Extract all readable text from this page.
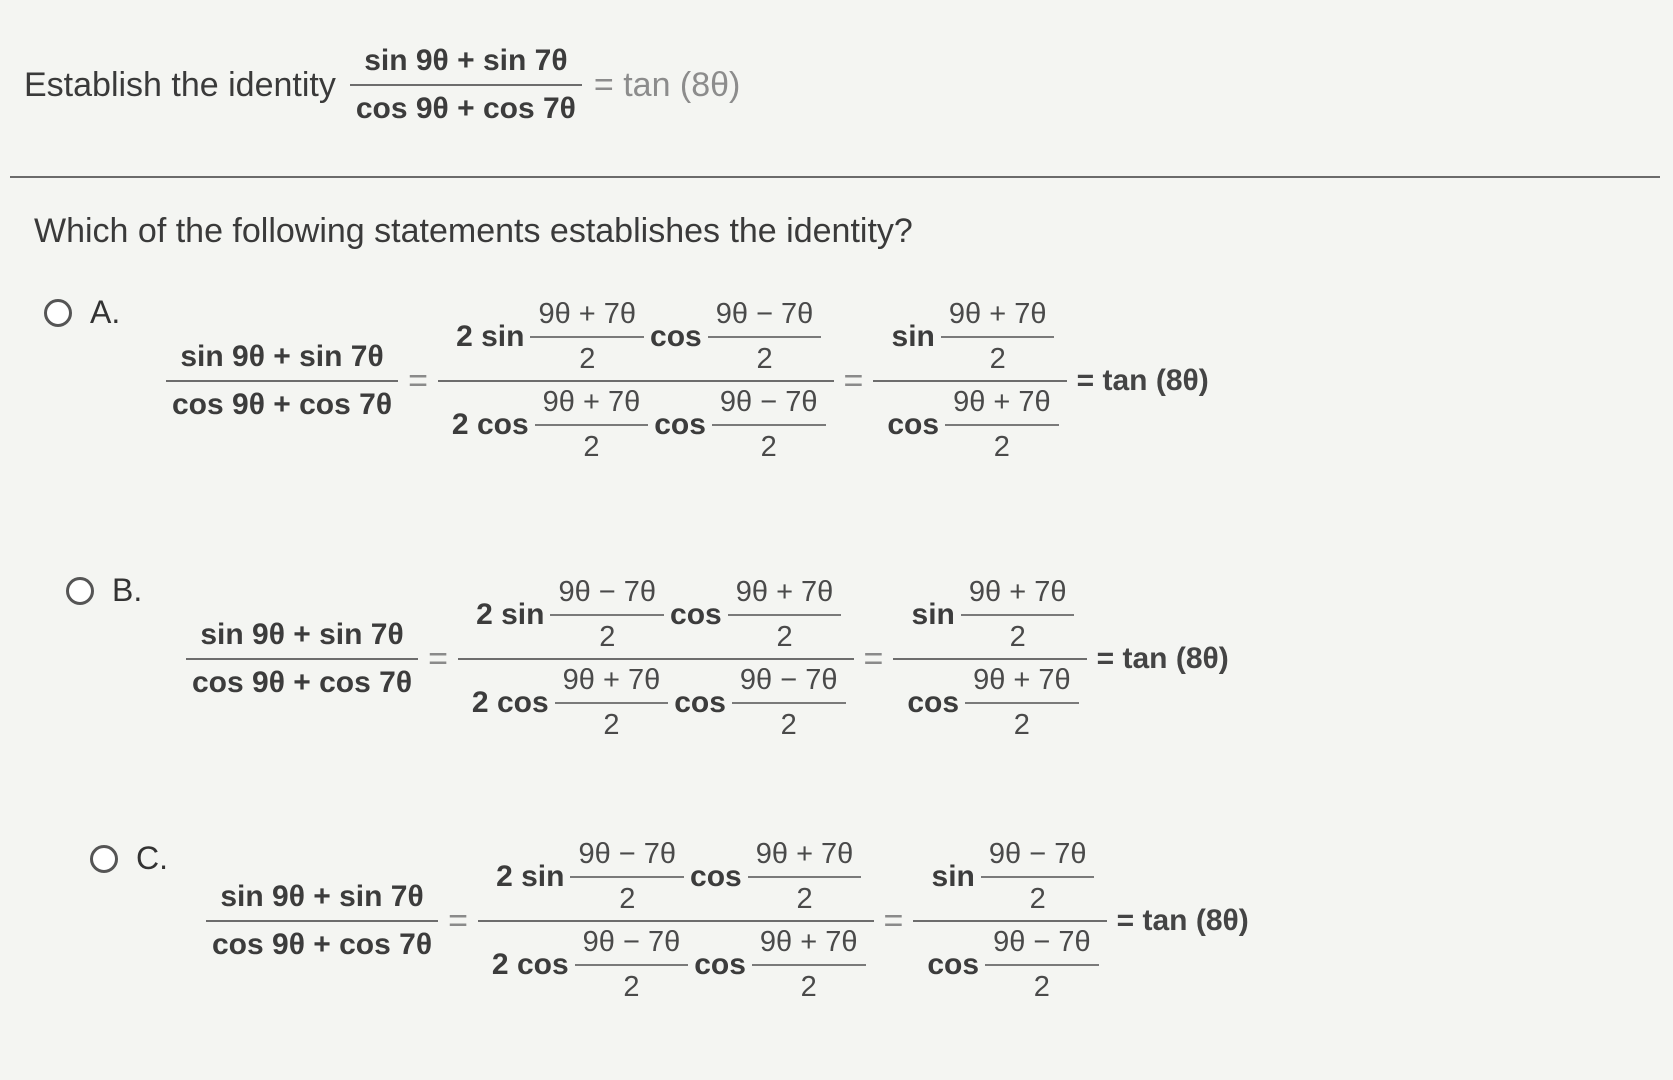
Establish the identity $\frac{\sin 9\theta + \sin 7\theta}{\cos 9\theta + \cos 7\theta} = \tan (8\theta)$
Which of the following statements establishes the identity?
A.
$\frac{\sin 9\theta + \sin 7\theta}{\cos 9\theta + \cos 7\theta} = \frac{2 \sin \frac{9\theta + 7\theta}{2} \cos \frac{9\theta - 7\theta}{2}}{2 \cos \frac{9\theta + 7\theta}{2} \cos \frac{9\theta - 7\theta}{2}} = \frac{\sin \frac{9\theta + 7\theta}{2}}{\cos \frac{9\theta + 7\theta}{2}} = \tan (8\theta)$
B.
$\frac{\sin 9\theta + \sin 7\theta}{\cos 9\theta + \cos 7\theta} = \frac{2 \sin \frac{9\theta - 7\theta}{2} \cos \frac{9\theta + 7\theta}{2}}{2 \cos \frac{9\theta + 7\theta}{2} \cos \frac{9\theta - 7\theta}{2}} = \frac{\sin \frac{9\theta + 7\theta}{2}}{\cos \frac{9\theta + 7\theta}{2}} = \tan (8\theta)$
C.
$\frac{\sin 9\theta + \sin 7\theta}{\cos 9\theta + \cos 7\theta} = \frac{2 \sin \frac{9\theta - 7\theta}{2} \cos \frac{9\theta + 7\theta}{2}}{2 \cos \frac{9\theta - 7\theta}{2} \cos \frac{9\theta + 7\theta}{2}} = \frac{\sin \frac{9\theta - 7\theta}{2}}{\cos \frac{9\theta - 7\theta}{2}} = \tan (8\theta)$
